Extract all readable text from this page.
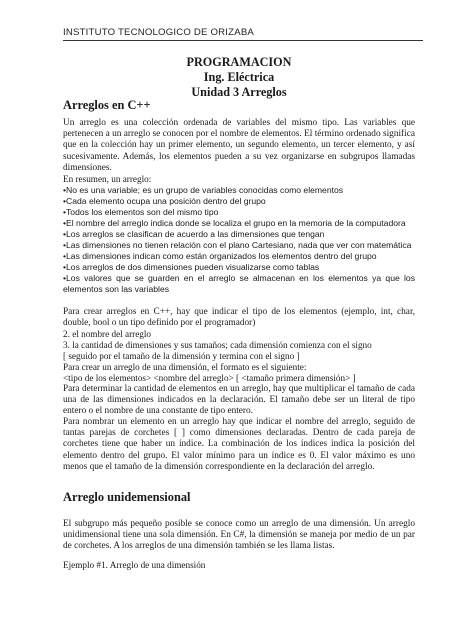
INSTITUTO TECNOLOGICO DE ORIZABA
PROGRAMACION
Ing. Eléctrica
Unidad 3 Arreglos
Arreglos en C++
Un arreglo es una colección ordenada de variables del mismo tipo. Las variables que pertenecen a un arreglo se conocen por el nombre de elementos. El término ordenado significa que en la colección hay un primer elemento, un segundo elemento, un tercer elemento, y así sucesivamente. Además, los elementos pueden a su vez organizarse en subgrupos llamadas dimensiones.
En resumen, un arreglo:
•No es una variable; es un grupo de variables conocidas como elementos
•Cada elemento ocupa una posición dentro del grupo
•Todos los elementos son del mismo tipo
•El nombre del arreglo indica donde se localiza el grupo en la memoria de la computadora
•Los arreglos se clasifican de acuerdo a las dimensiones que tengan
•Las dimensiones no tienen relación con el plano Cartesiano, nada que ver con matemática
•Las dimensiones indican como están organizados los elementos dentro del grupo
•Los arreglos de dos dimensiones pueden visualizarse como tablas
•Los valores que se guarden en el arreglo se almacenan en los elementos ya que los
elementos son las variables
Para crear arreglos en C++, hay que indicar el tipo de los elementos (ejemplo, int, char, double, bool o un tipo definido por el programador)
2. el nombre del arreglo
3. la cantidad de dimensiones y sus tamaños; cada dimensión comienza con el signo
[ seguido por el tamaño de la dimensión y termina con el signo ]
Para crear un arreglo de una dimensión, el formato es el siguiente:
<tipo de los elementos> <nombre del arreglo> [ <tamaño primera dimensión> ]
Para determinar la cantidad de elementos en un arreglo, hay que multiplicar el tamaño de cada una de las dimensiones indicados en la declaración. El tamaño debe ser un literal de tipo entero o el nombre de una constante de tipo entero.
Para nombrar un elemento en un arreglo hay que indicar el nombre del arreglo, seguido de tantas parejas de corchetes [ ] como dimensiones declaradas. Dentro de cada pareja de corchetes tiene que haber un índice. La combinación de los índices indica la posición del elemento dentro del grupo. El valor mínimo para un índice es 0. El valor máximo es uno menos que el tamaño de la dimensión correspondiente en la declaración del arreglo.
Arreglo unidemensional
El subgrupo más pequeño posible se conoce como un arreglo de una dimensión. Un arreglo unidimensional tiene una sola dimensión. En C#, la dimensión se maneja por medio de un par de corchetes. A los arreglos de una dimensión también se les llama listas.
Ejemplo #1. Arreglo de una dimensión
